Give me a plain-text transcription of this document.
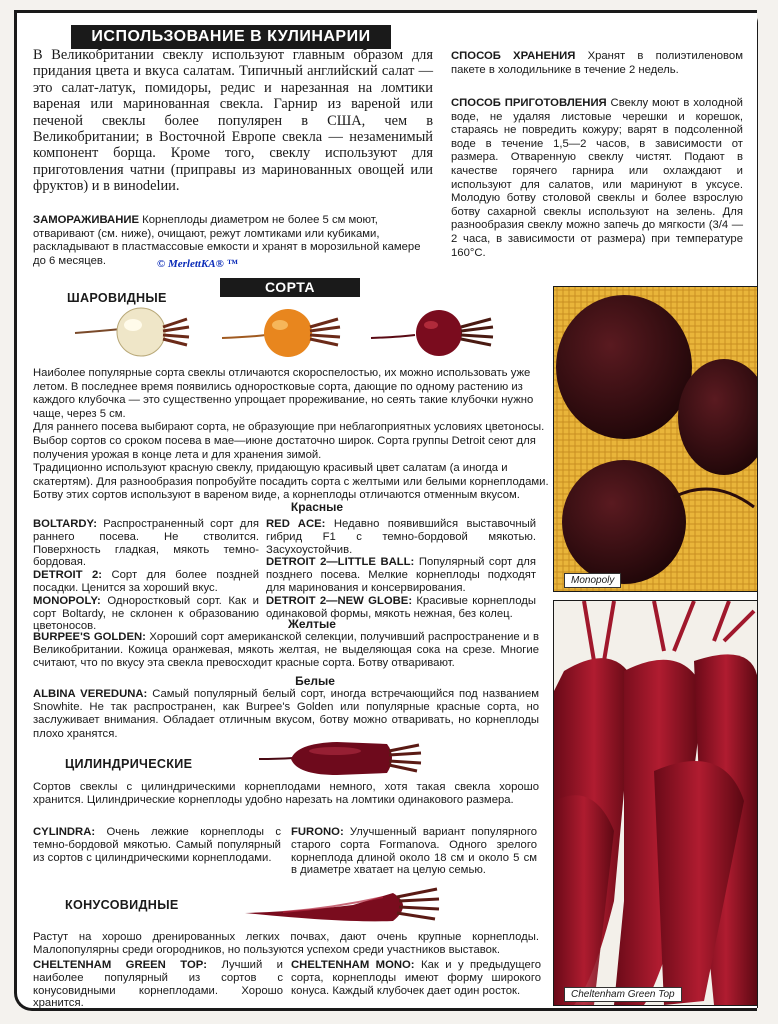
ИСПОЛЬЗОВАНИЕ В КУЛИНАРИИ
В Великобритании свеклу используют главным образом для придания цвета и вкуса салатам. Типичный английский салат — это салат-латук, помидоры, редис и нарезанная на ломтики вареная или маринованная свекла. Гарнир из вареной или печеной свеклы более популярен в США, чем в Великобритании; в Восточной Европе свекла — незаменимый компонент борща. Кроме того, свеклу используют для приготовления чатни (приправы из маринованных овощей или фруктов) и в винodelии.
ЗАМОРАЖИВАНИЕ Корнеплоды диаметром не более 5 см моют, отваривают (см. ниже), очищают, режут ломтиками или кубиками, раскладывают в пластмассовые емкости и хранят в морозильной камере до 6 месяцев.	© MerlettKA® ™
СПОСОБ ХРАНЕНИЯ Хранят в полиэтиленовом пакете в холодильнике в течение 2 недель.
СПОСОБ ПРИГОТОВЛЕНИЯ Свеклу моют в холодной воде, не удаляя листовые черешки и корешок, стараясь не повредить кожуру; варят в подсоленной воде в течение 1,5—2 часов, в зависимости от размера. Отваренную свеклу чистят. Подают в качестве горячего гарнира или охлаждают и используют для салатов, или маринуют в уксусе. Молодую ботву столовой свеклы и более взрослую ботву сахарной свеклы используют на зелень. Для разнообразия свеклу можно запечь до мягкости (3/4 — 2 часа, в зависимости от размера) при температуре 160°С.
СОРТА
ШАРОВИДНЫЕ
Наиболее популярные сорта свеклы отличаются скороспелостью, их можно использовать уже летом. В последнее время появились одноростковые сорта, дающие по одному растению из каждого клубочка — это существенно упрощает прореживание, но сеять такие клубочки нужно чаще, через 5 см.
Для раннего посева выбирают сорта, не образующие при неблагоприятных условиях цветоносы. Выбор сортов со сроком посева в мае—июне достаточно широк. Сорта группы Detroit сеют для получения урожая в конце лета и для хранения зимой.
Традиционно используют красную свеклу, придающую красивый цвет салатам (а иногда и скатертям). Для разнообразия попробуйте посадить сорта с желтыми или белыми корнеплодами. Ботву этих сортов используют в вареном виде, а корнеплоды отличаются отменным вкусом.
Красные
BOLTARDY: Распространенный сорт для раннего посева. Не стволится. Поверхность гладкая, мякоть темно-бордовая.
DETROIT 2: Сорт для более поздней посадки. Ценится за хороший вкус.
MONOPOLY: Одноростковый сорт. Как и сорт Boltardy, не склонен к образованию цветоносов.
RED ACE: Недавно появившийся выставочный гибрид F1 с темно-бордовой мякотью. Засухоустойчив.
DETROIT 2—LITTLE BALL: Популярный сорт для позднего посева. Мелкие корнеплоды подходят для маринования и консервирования.
DETROIT 2—NEW GLOBE: Красивые корнеплоды одинаковой формы, мякоть нежная, без колец.
Желтые
BURPEE'S GOLDEN: Хороший сорт американской селекции, получивший распространение и в Великобритании. Кожица оранжевая, мякоть желтая, не выделяющая сока на срезе. Многие считают, что по вкусу эта свекла превосходит красные сорта. Ботву отваривают.
Белые
ALBINA VEREDUNA: Самый популярный белый сорт, иногда встречающийся под названием Snowhite. Не так распространен, как Burpee's Golden или популярные красные сорта, но заслуживает внимания. Обладает отличным вкусом, ботву можно отваривать, но корнеплоды плохо хранятся.
ЦИЛИНДРИЧЕСКИЕ
Сортов свеклы с цилиндрическими корнеплодами немного, хотя такая свекла хорошо хранится. Цилиндрические корнеплоды удобно нарезать на ломтики одинакового размера.
CYLINDRA: Очень лежкие корнеплоды с темно-бордовой мякотью. Самый популярный из сортов с цилиндрическими корнеплодами.
FURONO: Улучшенный вариант популярного старого сорта Formanova. Одного зрелого корнеплода длиной около 18 см и около 5 см в диаметре хватает на целую семью.
КОНУСОВИДНЫЕ
Растут на хорошо дренированных легких почвах, дают очень крупные корнеплоды. Малопопулярны среди огородников, но пользуются успехом среди участников выставок.
CHELTENHAM GREEN TOP: Лучший и наиболее популярный из сортов с конусовидными корнеплодами. Хорошо хранится.
CHELTENHAM MONO: Как и у предыдущего сорта, корнеплоды имеют форму широкого конуса. Каждый клубочек дает один росток.
Monopoly
Cheltenham Green Top
